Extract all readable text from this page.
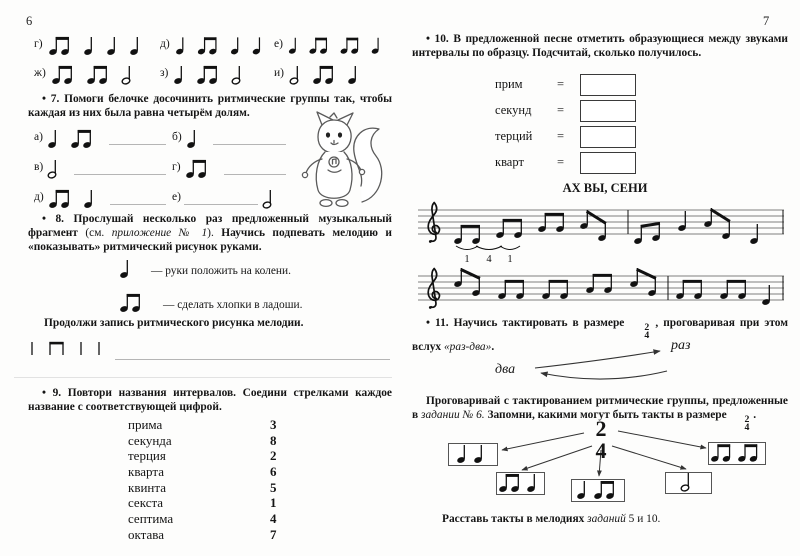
6
г)	д)	е)
ж)	з)	и)

• 7. Помоги белочке досочинить ритмические группы так, чтобы каждая из них была равна четырём долям.

а)	б)
в)	г)
д)	е)

• 8. Прослушай несколько раз предложенный музыкальный фрагмент (см. приложение № 1). Научись подпевать мелодию и «показывать» ритмический рисунок руками.

— руки положить на колени.
— сделать хлопки в ладоши.

Продолжи запись ритмического рисунка мелодии.

• 9. Повтори названия интервалов. Соедини стрелками каждое название с соответствующей цифрой.

прима	3
секунда	8
терция	2
кварта	6
квинта	5
секста	1
септима	4
октава	7
7

• 10. В предложенной песне отметить образующиеся между звуками интервалы по образцу. Подсчитай, сколько получилось.

прим	=
секунд =
терций =
кварт	=

АХ ВЫ, СЕНИ

1 4 1

• 11. Научись тактировать в размере	2
4
, проговаривая при этом вслух «раз-два».

два
раз

Проговаривай с тактированием ритмические группы, предложенные в задании № 6. Запомни, какими могут быть такты в размере	2
4
.

2
4

Расставь такты в мелодиях заданий 5 и 10.
